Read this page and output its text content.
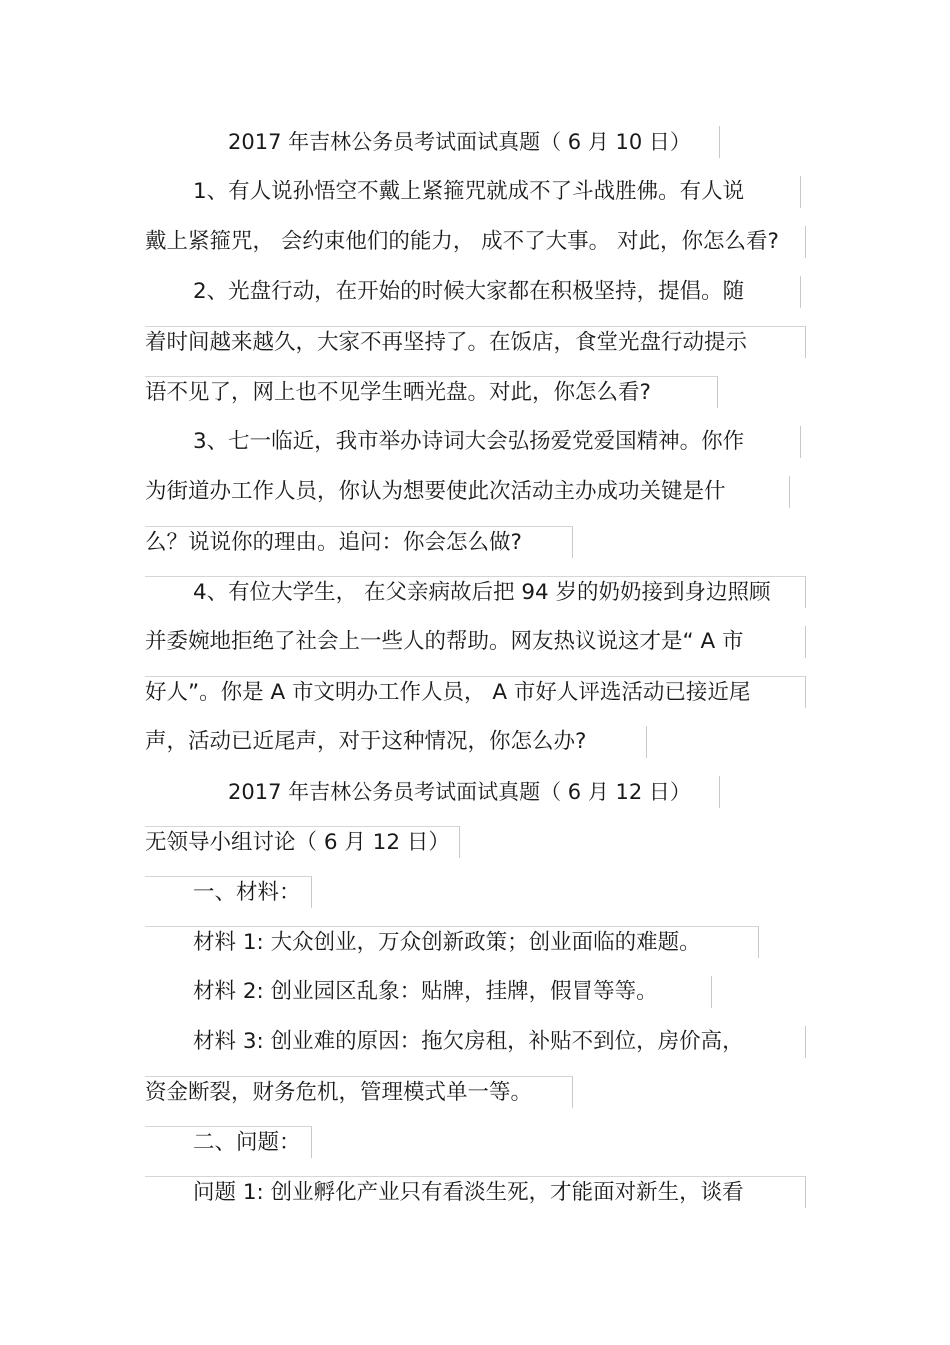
2017 年吉林公务员考试面试真题（ 6 月 10 日）
1、有人说孙悟空不戴上紧箍咒就成不了斗战胜佛。有人说
戴上紧箍咒， 会约束他们的能力， 成不了大事。 对此，你怎么看?
2、光盘行动，在开始的时候大家都在积极坚持，提倡。随
着时间越来越久，大家不再坚持了。在饭店，食堂光盘行动提示
语不见了，网上也不见学生晒光盘。对此，你怎么看?
3、七一临近，我市举办诗词大会弘扬爱党爱国精神。你作
为街道办工作人员，你认为想要使此次活动主办成功关键是什
么？说说你的理由。追问：你会怎么做?
4、有位大学生， 在父亲病故后把 94 岁的奶奶接到身边照顾
并委婉地拒绝了社会上一些人的帮助。网友热议说这才是“ A 市
好人”。你是 A 市文明办工作人员， A 市好人评选活动已接近尾
声，活动已近尾声，对于这种情况，你怎么办?
2017 年吉林公务员考试面试真题（ 6 月 12 日）
无领导小组讨论（ 6 月 12 日）
一、材料：
材料 1: 大众创业，万众创新政策；创业面临的难题。
材料 2: 创业园区乱象：贴牌，挂牌，假冒等等。
材料 3: 创业难的原因：拖欠房租，补贴不到位，房价高，
资金断裂，财务危机，管理模式单一等。
二、问题：
问题 1: 创业孵化产业只有看淡生死，才能面对新生，谈看
